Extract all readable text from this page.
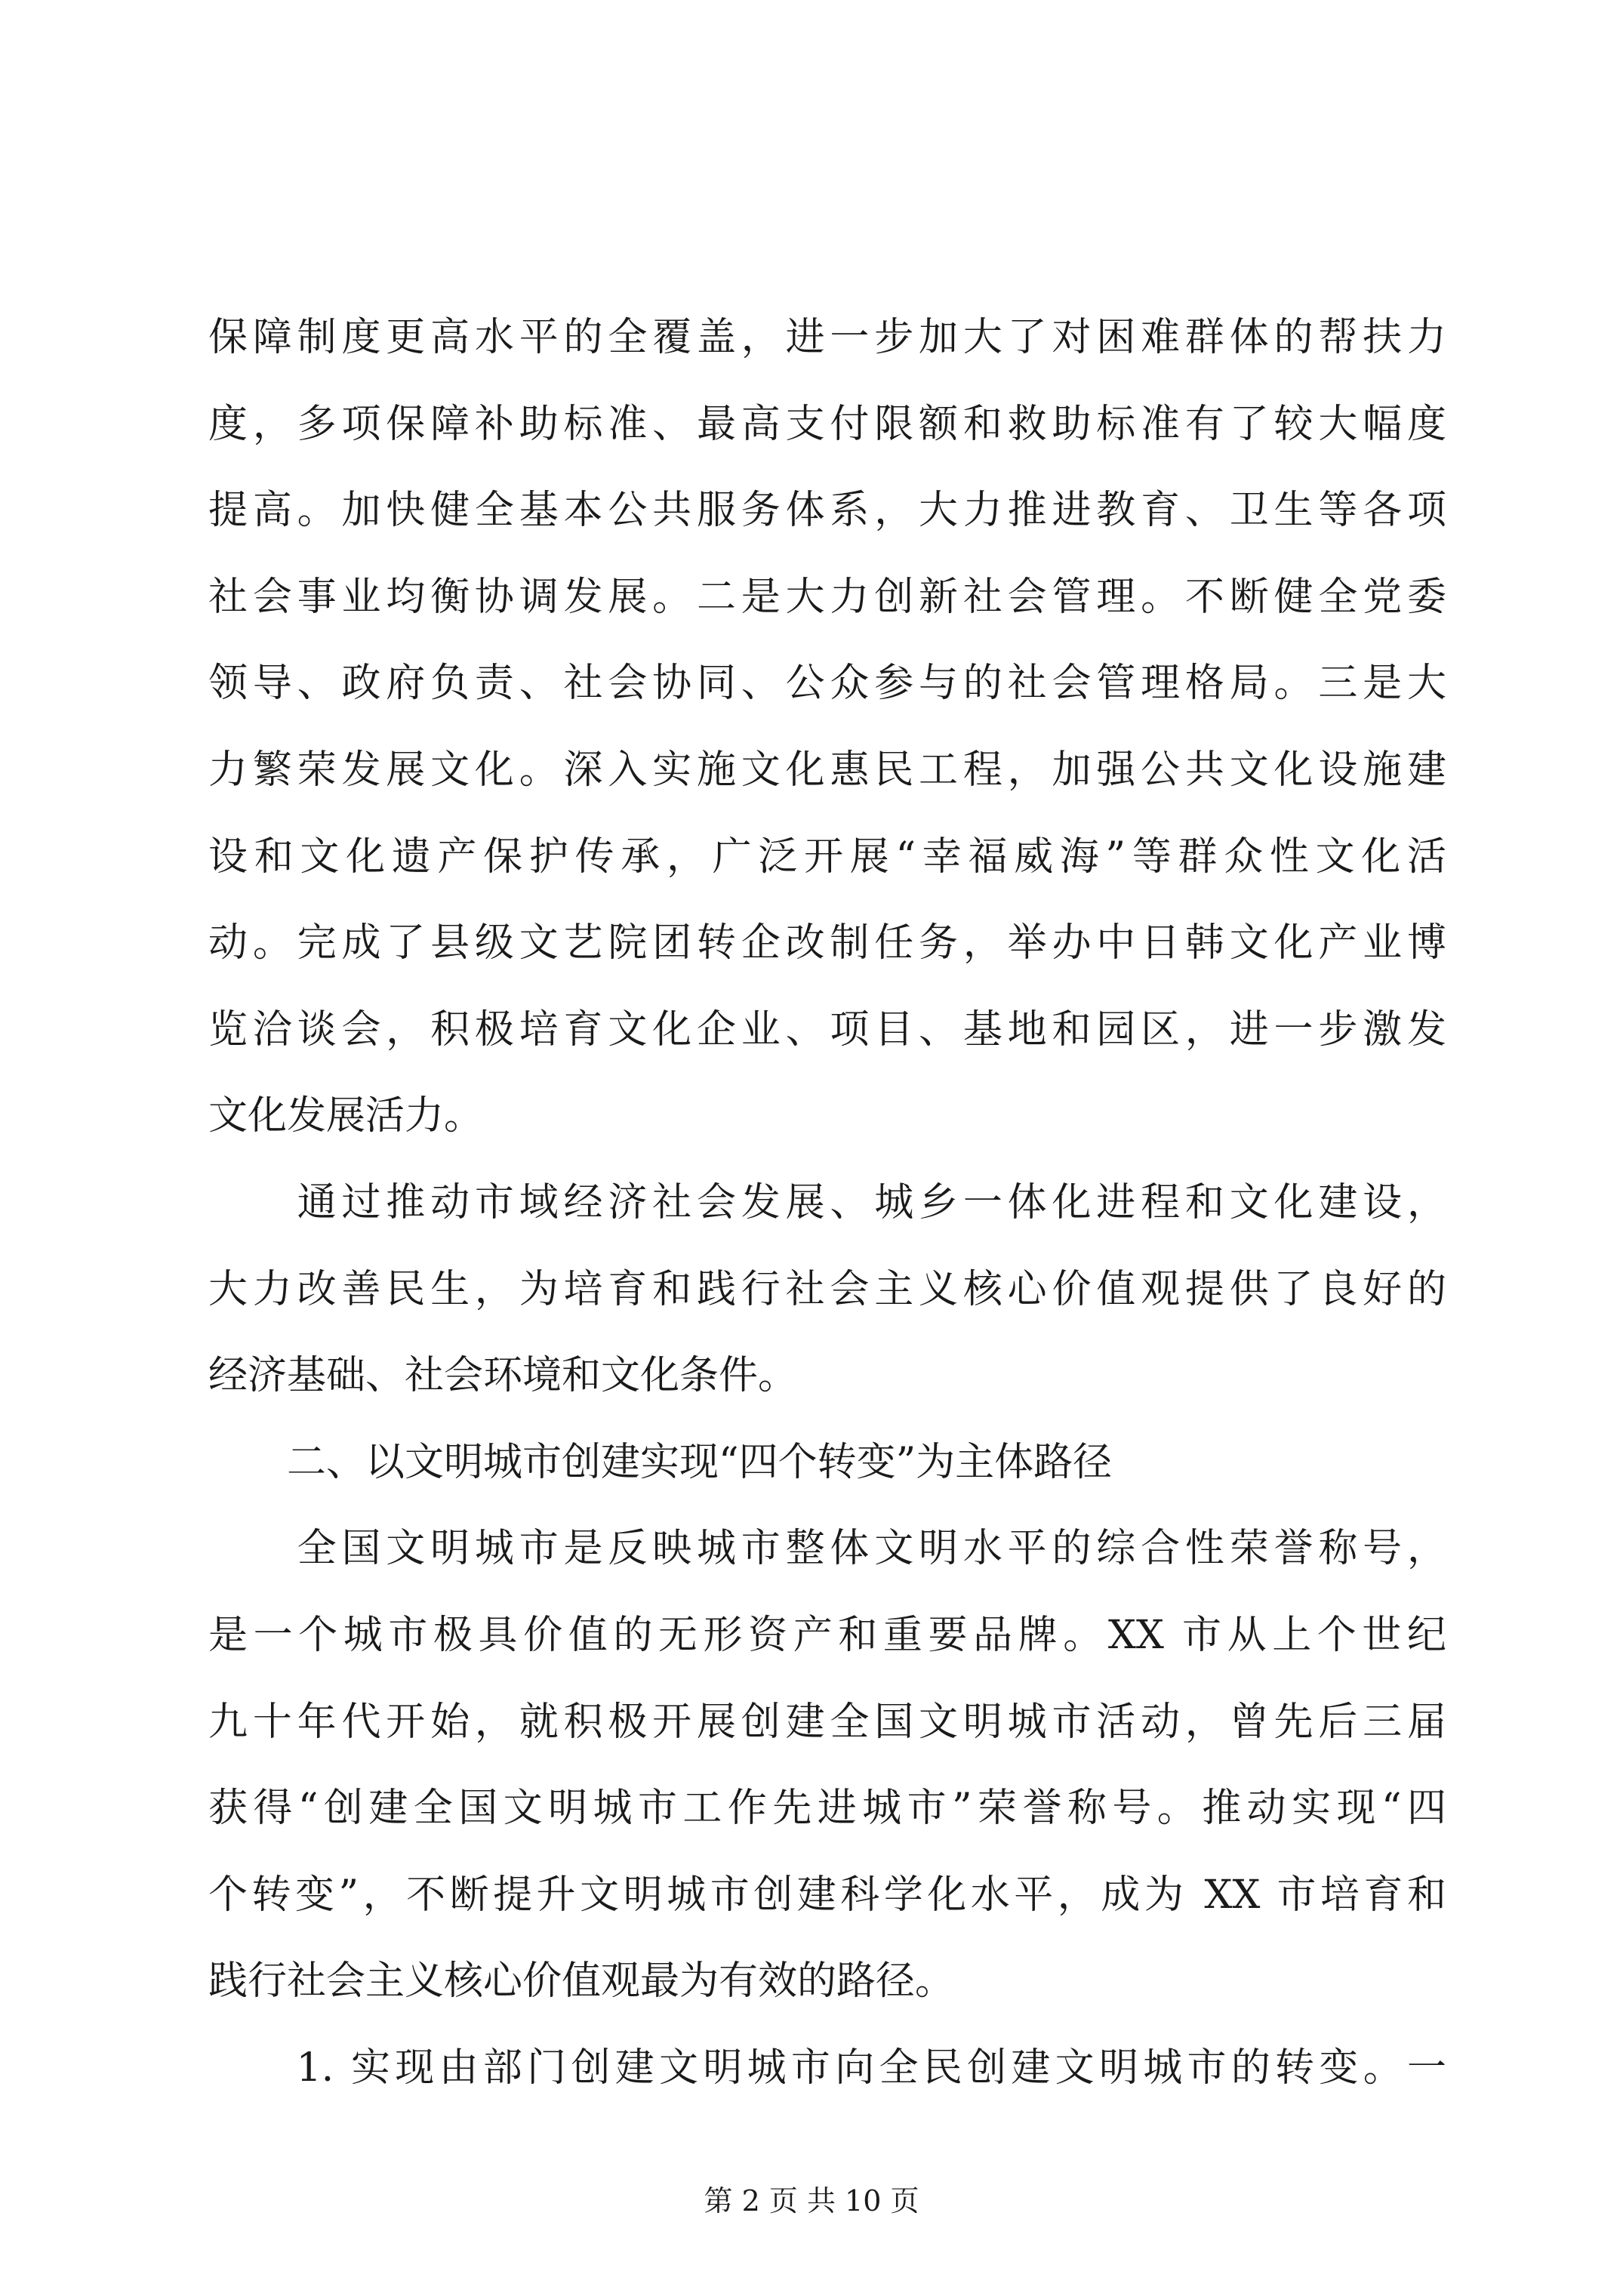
保障制度更高水平的全覆盖，进一步加大了对困难群体的帮扶力
度，多项保障补助标准、最高支付限额和救助标准有了较大幅度
提高。加快健全基本公共服务体系，大力推进教育、卫生等各项
社会事业均衡协调发展。二是大力创新社会管理。不断健全党委
领导、政府负责、社会协同、公众参与的社会管理格局。三是大
力繁荣发展文化。深入实施文化惠民工程，加强公共文化设施建
设和文化遗产保护传承，广泛开展“幸福威海”等群众性文化活
动。完成了县级文艺院团转企改制任务，举办中日韩文化产业博
览洽谈会，积极培育文化企业、项目、基地和园区，进一步激发
文化发展活力。
　　通过推动市域经济社会发展、城乡一体化进程和文化建设，
大力改善民生，为培育和践行社会主义核心价值观提供了良好的
经济基础、社会环境和文化条件。
　　二、以文明城市创建实现“四个转变”为主体路径
　　全国文明城市是反映城市整体文明水平的综合性荣誉称号，
是一个城市极具价值的无形资产和重要品牌。XX 市从上个世纪
九十年代开始，就积极开展创建全国文明城市活动，曾先后三届
获得“创建全国文明城市工作先进城市”荣誉称号。推动实现“四
个转变”，不断提升文明城市创建科学化水平，成为 XX 市培育和
践行社会主义核心价值观最为有效的路径。
　　1. 实现由部门创建文明城市向全民创建文明城市的转变。一
第 2 页 共 10 页
